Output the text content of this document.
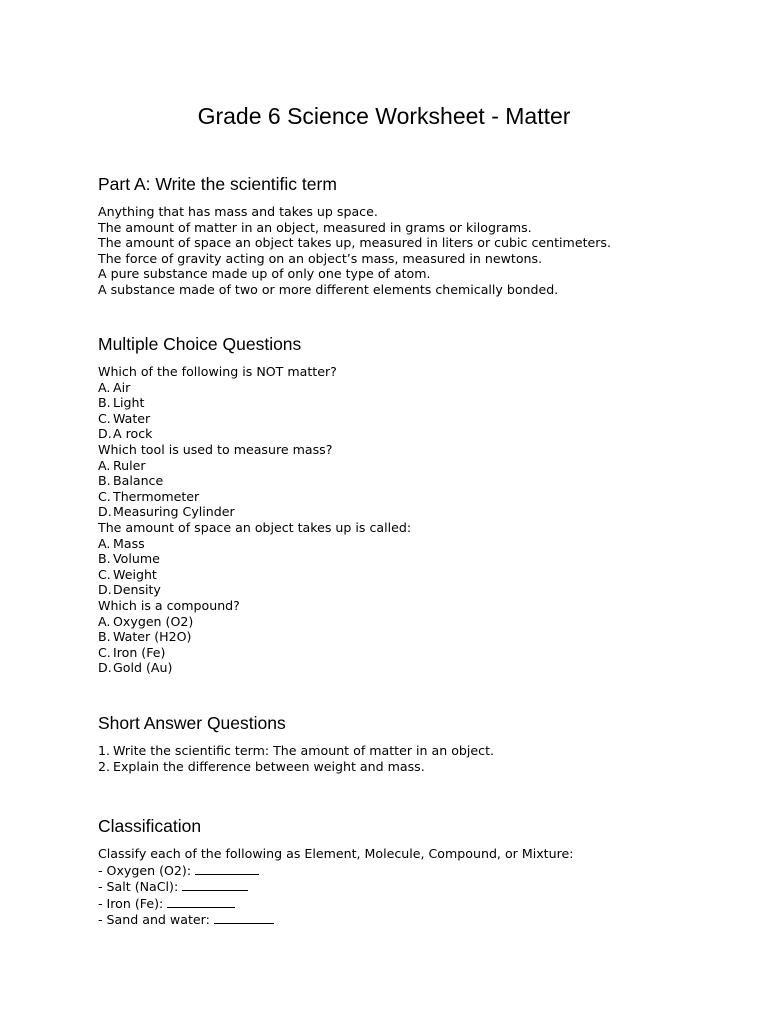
Grade 6 Science Worksheet - Matter
Part A: Write the scientific term
Anything that has mass and takes up space.
The amount of matter in an object, measured in grams or kilograms.
The amount of space an object takes up, measured in liters or cubic centimeters.
The force of gravity acting on an object’s mass, measured in newtons.
A pure substance made up of only one type of atom.
A substance made of two or more different elements chemically bonded.
Multiple Choice Questions
Which of the following is NOT matter?
A. Air
B. Light
C. Water
D. A rock
Which tool is used to measure mass?
A. Ruler
B. Balance
C. Thermometer
D. Measuring Cylinder
The amount of space an object takes up is called:
A. Mass
B. Volume
C. Weight
D. Density
Which is a compound?
A. Oxygen (O2)
B. Water (H2O)
C. Iron (Fe)
D. Gold (Au)
Short Answer Questions
1. Write the scientific term: The amount of matter in an object.
2. Explain the difference between weight and mass.
Classification
Classify each of the following as Element, Molecule, Compound, or Mixture:
- Oxygen (O2):
- Salt (NaCl):
- Iron (Fe):
- Sand and water:
